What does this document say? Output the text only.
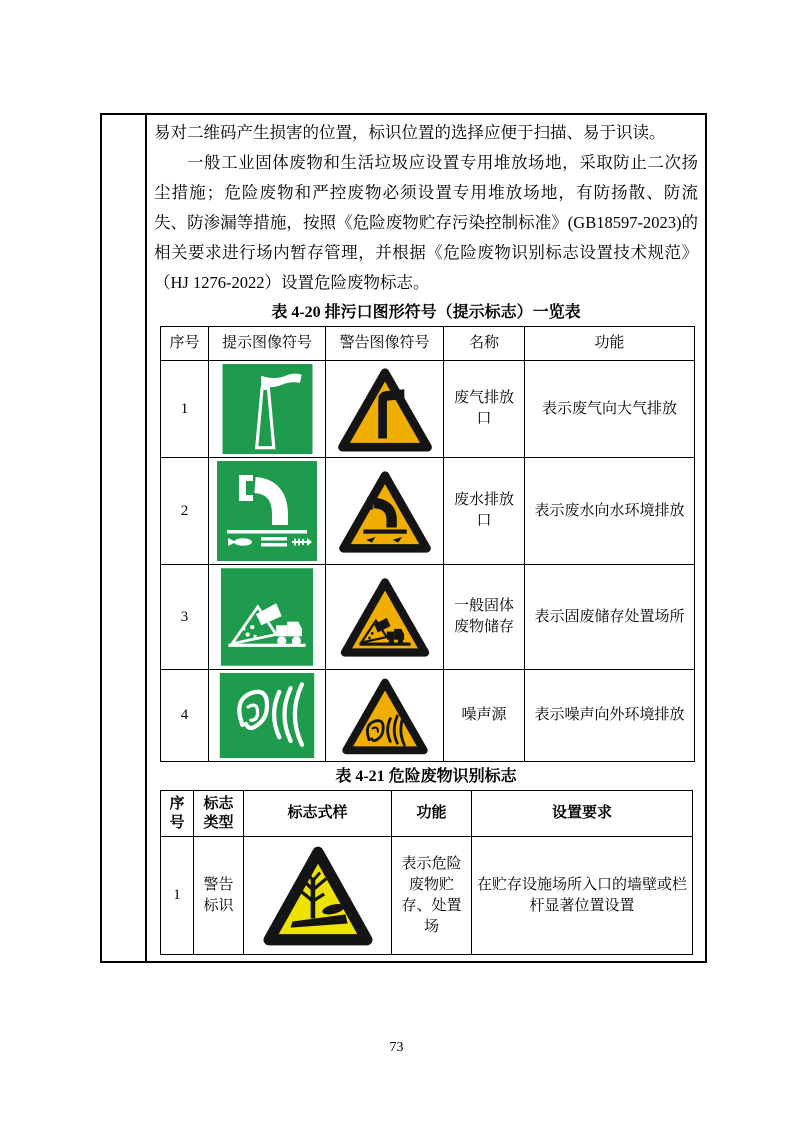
易对二维码产生损害的位置，标识位置的选择应便于扫描、易于识读。

一般工业固体废物和生活垃圾应设置专用堆放场地，采取防止二次扬尘措施；危险废物和严控废物必须设置专用堆放场地，有防扬散、防流失、防渗漏等措施，按照《危险废物贮存污染控制标准》(GB18597-2023)的相关要求进行场内暂存管理，并根据《危险废物识别标志设置技术规范》（HJ 1276-2022）设置危险废物标志。

表 4-20 排污口图形符号（提示标志）一览表
序号	提示图像符号	警告图像符号	名称	功能
1			废气排放口	表示废气向大气排放
2			废水排放口	表示废水向水环境排放
3			一般固体废物储存	表示固废储存处置场所
4			噪声源	表示噪声向外环境排放
表 4-21 危险废物识别标志
序号	标志类型	标志式样	功能	设置要求
1	警告标识		表示危险废物贮存、处置场	在贮存设施场所入口的墙壁或栏杆显著位置设置
73
